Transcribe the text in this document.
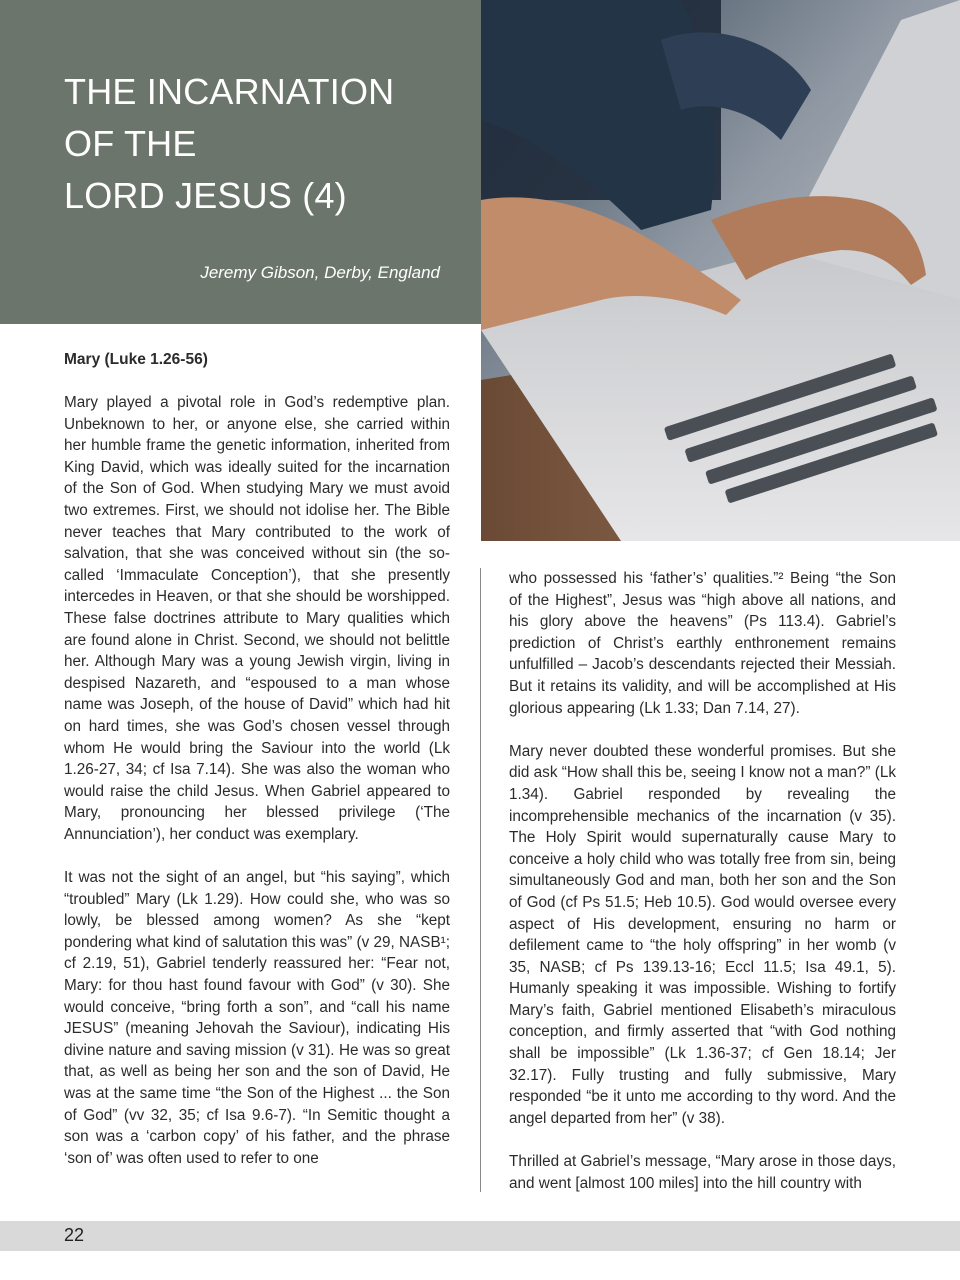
THE INCARNATION
OF THE
LORD JESUS (4)

Jeremy Gibson, Derby, England

Mary (Luke 1.26-56)

Mary played a pivotal role in God’s redemptive plan. Unbeknown to her, or anyone else, she carried within her humble frame the genetic information, inherited from King David, which was ideally suited for the incarnation of the Son of God. When studying Mary we must avoid two extremes. First, we should not idolise her. The Bible never teaches that Mary contributed to the work of salvation, that she was conceived without sin (the so-called ‘Immaculate Conception’), that she presently intercedes in Heaven, or that she should be worshipped. These false doctrines attribute to Mary qualities which are found alone in Christ. Second, we should not belittle her. Although Mary was a young Jewish virgin, living in despised Nazareth, and “espoused to a man whose name was Joseph, of the house of David” which had hit on hard times, she was God’s chosen vessel through whom He would bring the Saviour into the world (Lk 1.26-27, 34; cf Isa 7.14). She was also the woman who would raise the child Jesus. When Gabriel appeared to Mary, pronouncing her blessed privilege (‘The Annunciation’), her conduct was exemplary.

It was not the sight of an angel, but “his saying”, which “troubled” Mary (Lk 1.29). How could she, who was so lowly, be blessed among women? As she “kept pondering what kind of salutation this was” (v 29, NASB¹; cf 2.19, 51), Gabriel tenderly reassured her: “Fear not, Mary: for thou hast found favour with God” (v 30). She would conceive, “bring forth a son”, and “call his name JESUS” (meaning Jehovah the Saviour), indicating His divine nature and saving mission (v 31). He was so great that, as well as being her son and the son of David, He was at the same time “the Son of the Highest ... the Son of God” (vv 32, 35; cf Isa 9.6-7). “In Semitic thought a son was a ‘carbon copy’ of his father, and the phrase ‘son of’ was often used to refer to one

who possessed his ‘father’s’ qualities.”² Being “the Son of the Highest”, Jesus was “high above all nations, and his glory above the heavens” (Ps 113.4). Gabriel’s prediction of Christ’s earthly enthronement remains unfulfilled – Jacob’s descendants rejected their Messiah. But it retains its validity, and will be accomplished at His glorious appearing (Lk 1.33; Dan 7.14, 27).

Mary never doubted these wonderful promises. But she did ask “How shall this be, seeing I know not a man?” (Lk 1.34). Gabriel responded by revealing the incomprehensible mechanics of the incarnation (v 35). The Holy Spirit would supernaturally cause Mary to conceive a holy child who was totally free from sin, being simultaneously God and man, both her son and the Son of God (cf Ps 51.5; Heb 10.5). God would oversee every aspect of His development, ensuring no harm or defilement came to “the holy offspring” in her womb (v 35, NASB; cf Ps 139.13-16; Eccl 11.5; Isa 49.1, 5). Humanly speaking it was impossible. Wishing to fortify Mary’s faith, Gabriel mentioned Elisabeth’s miraculous conception, and firmly asserted that “with God nothing shall be impossible” (Lk 1.36-37; cf Gen 18.14; Jer 32.17). Fully trusting and fully submissive, Mary responded “be it unto me according to thy word. And the angel departed from her” (v 38).

Thrilled at Gabriel’s message, “Mary arose in those days, and went [almost 100 miles] into the hill country with

22
